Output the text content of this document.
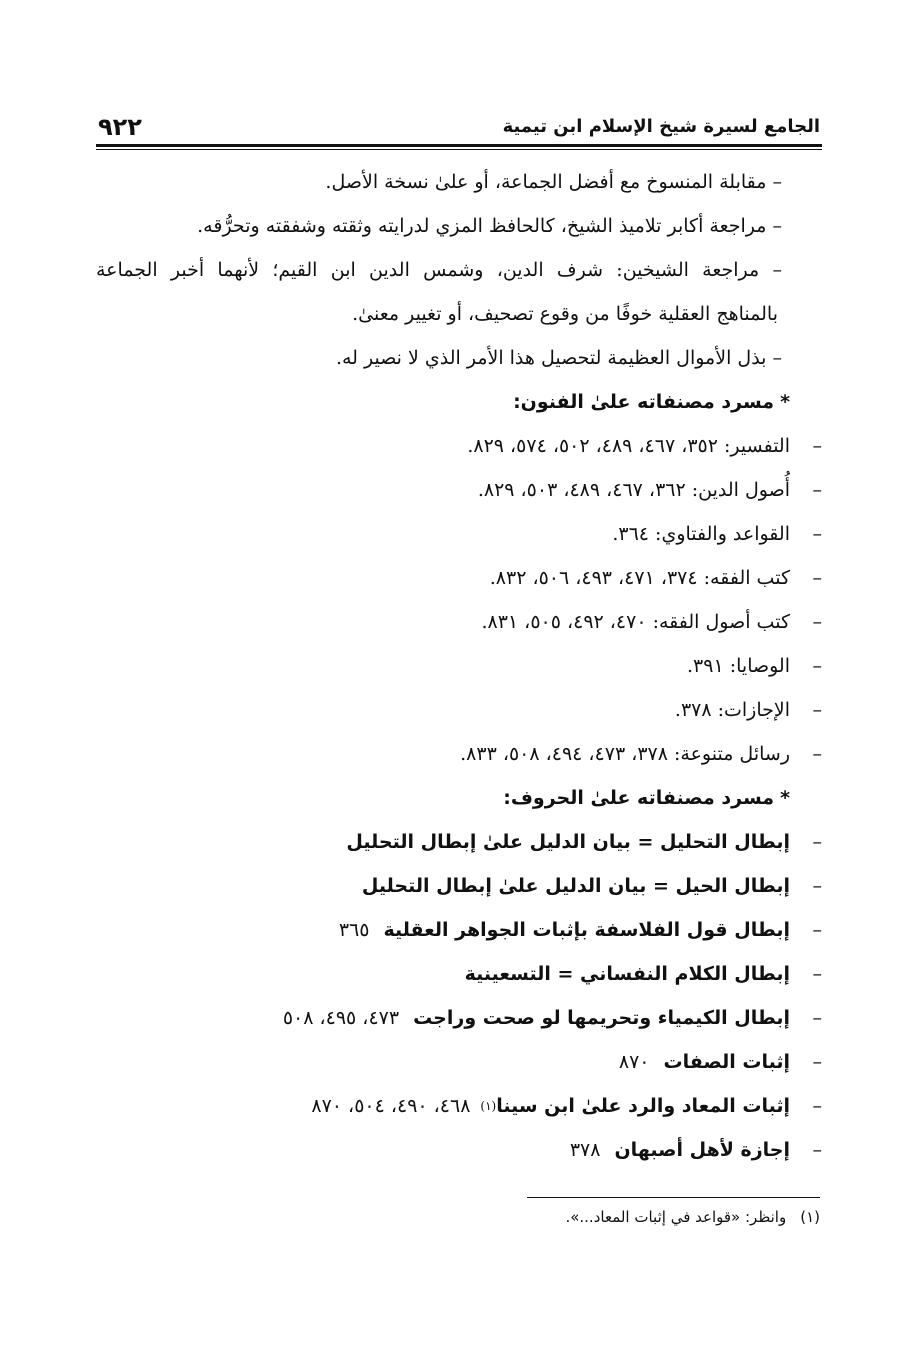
الجامع لسيرة شيخ الإسلام ابن تيمية
٩٢٢
– مقابلة المنسوخ مع أفضل الجماعة، أو علىٰ نسخة الأصل.
– مراجعة أكابر تلاميذ الشيخ، كالحافظ المزي لدرايته وثقته وشفقته وتحرُّقه.
– مراجعة الشيخين: شرف الدين، وشمس الدين ابن القيم؛ لأنهما أخبر الجماعة
بالمناهج العقلية خوفًا من وقوع تصحيف، أو تغيير معنىٰ.
– بذل الأموال العظيمة لتحصيل هذا الأمر الذي لا نصير له.
*مسرد مصنفاته علىٰ الفنون:
–
التفسير: ٣٥٢، ٤٦٧، ٤٨٩، ٥٠٢، ٥٧٤، ٨٢٩.
–
أُصول الدين: ٣٦٢، ٤٦٧، ٤٨٩، ٥٠٣، ٨٢٩.
–
القواعد والفتاوي: ٣٦٤.
–
كتب الفقه: ٣٧٤، ٤٧١، ٤٩٣، ٥٠٦، ٨٣٢.
–
كتب أصول الفقه: ٤٧٠، ٤٩٢، ٥٠٥، ٨٣١.
–
الوصايا: ٣٩١.
–
الإجازات: ٣٧٨.
–
رسائل متنوعة: ٣٧٨، ٤٧٣، ٤٩٤، ٥٠٨، ٨٣٣.
*مسرد مصنفاته علىٰ الحروف:
–
إبطال التحليل = بيان الدليل علىٰ إبطال التحليل
–
إبطال الحيل = بيان الدليل علىٰ إبطال التحليل
–
إبطال قول الفلاسفة بإثبات الجواهر العقلية
٣٦٥
–
إبطال الكلام النفساني = التسعينية
–
إبطال الكيمياء وتحريمها لو صحت وراجت
٤٧٣، ٤٩٥، ٥٠٨
–
إثبات الصفات
٨٧٠
–
إثبات المعاد والرد علىٰ ابن سينا
(١)
٤٦٨، ٤٩٠، ٥٠٤، ٨٧٠
–
إجازة لأهل أصبهان
٣٧٨
(١)وانظر: «قواعد في إثبات المعاد...».
